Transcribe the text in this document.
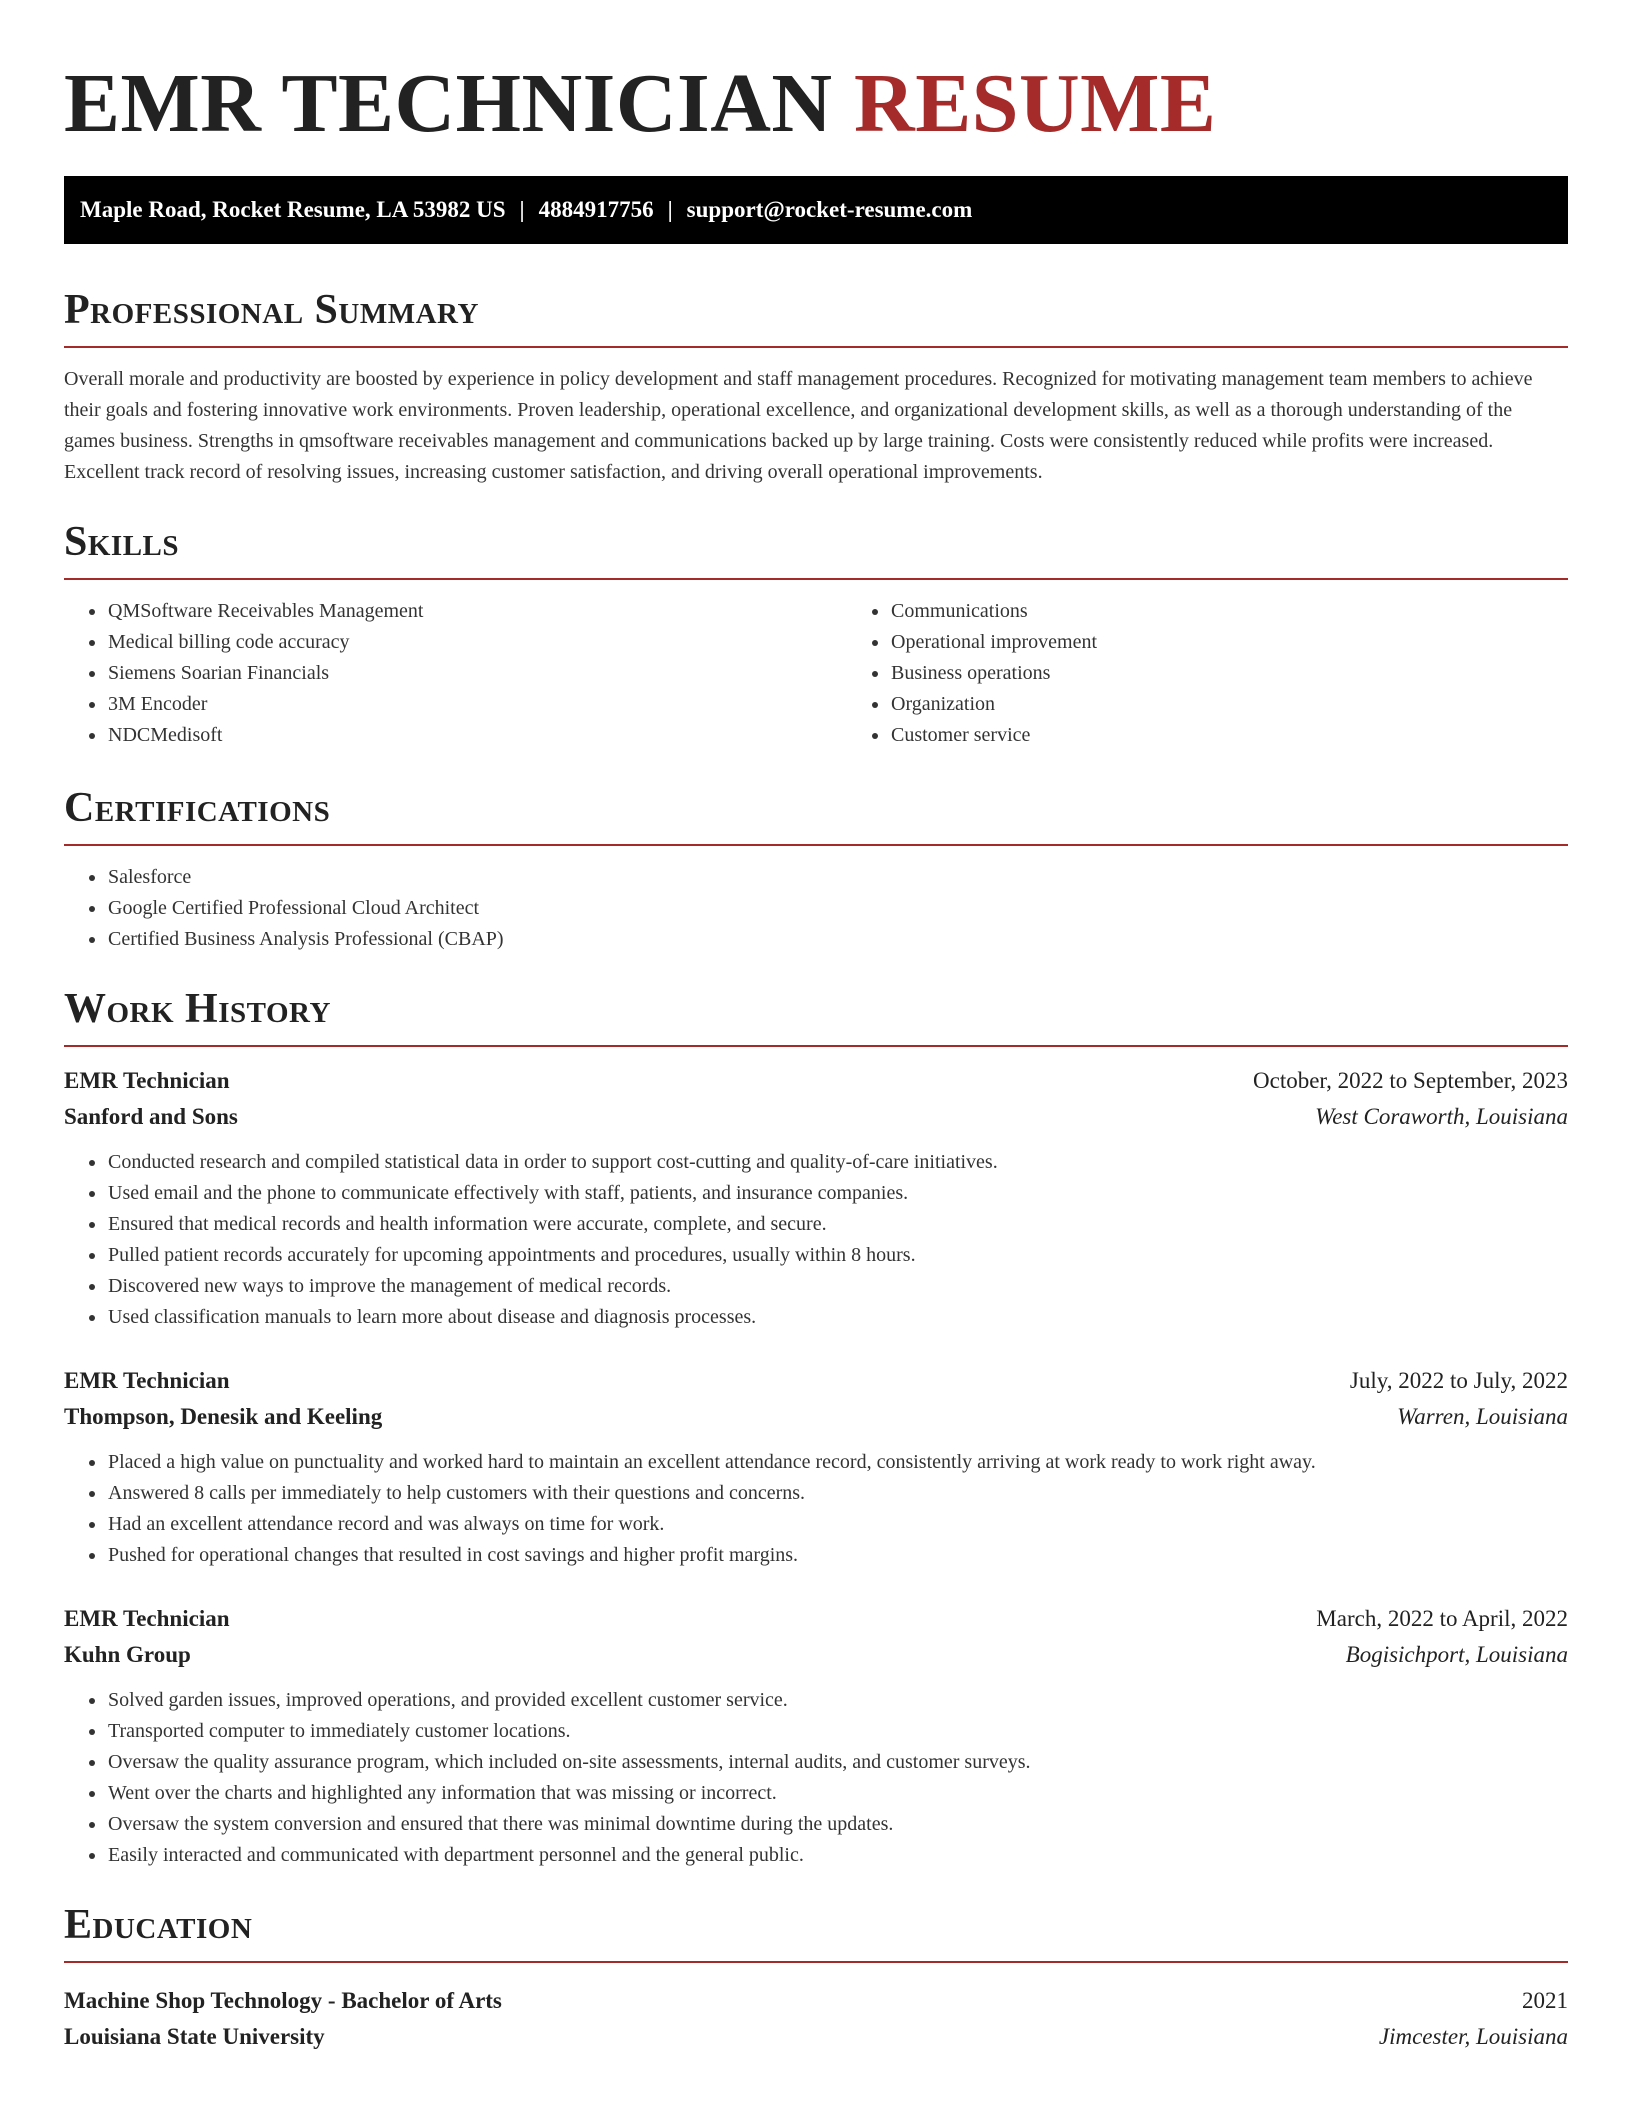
EMR TECHNICIAN RESUME
Maple Road, Rocket Resume, LA 53982 US | 4884917756 | support@rocket-resume.com
Professional Summary

Overall morale and productivity are boosted by experience in policy development and staff management procedures. Recognized for motivating management team members to achieve their goals and fostering innovative work environments. Proven leadership, operational excellence, and organizational development skills, as well as a thorough understanding of the games business. Strengths in qmsoftware receivables management and communications backed up by large training. Costs were consistently reduced while profits were increased. Excellent track record of resolving issues, increasing customer satisfaction, and driving overall operational improvements.

Skills
• QMSoftware Receivables Management
• Medical billing code accuracy
• Siemens Soarian Financials
• 3M Encoder
• NDCMedisoft
• Communications
• Operational improvement
• Business operations
• Organization
• Customer service
Certifications
• Salesforce
• Google Certified Professional Cloud Architect
• Certified Business Analysis Professional (CBAP)
Work History
EMR Technician	October, 2022 to September, 2023
Sanford and Sons	West Coraworth, Louisiana
• Conducted research and compiled statistical data in order to support cost-cutting and quality-of-care initiatives.
• Used email and the phone to communicate effectively with staff, patients, and insurance companies.
• Ensured that medical records and health information were accurate, complete, and secure.
• Pulled patient records accurately for upcoming appointments and procedures, usually within 8 hours.
• Discovered new ways to improve the management of medical records.
• Used classification manuals to learn more about disease and diagnosis processes.
EMR Technician	July, 2022 to July, 2022
Thompson, Denesik and Keeling	Warren, Louisiana
• Placed a high value on punctuality and worked hard to maintain an excellent attendance record, consistently arriving at work ready to work right away.
• Answered 8 calls per immediately to help customers with their questions and concerns.
• Had an excellent attendance record and was always on time for work.
• Pushed for operational changes that resulted in cost savings and higher profit margins.
EMR Technician	March, 2022 to April, 2022
Kuhn Group	Bogisichport, Louisiana
• Solved garden issues, improved operations, and provided excellent customer service.
• Transported computer to immediately customer locations.
• Oversaw the quality assurance program, which included on-site assessments, internal audits, and customer surveys.
• Went over the charts and highlighted any information that was missing or incorrect.
• Oversaw the system conversion and ensured that there was minimal downtime during the updates.
• Easily interacted and communicated with department personnel and the general public.
Education
Machine Shop Technology - Bachelor of Arts	2021
Louisiana State University	Jimcester, Louisiana
